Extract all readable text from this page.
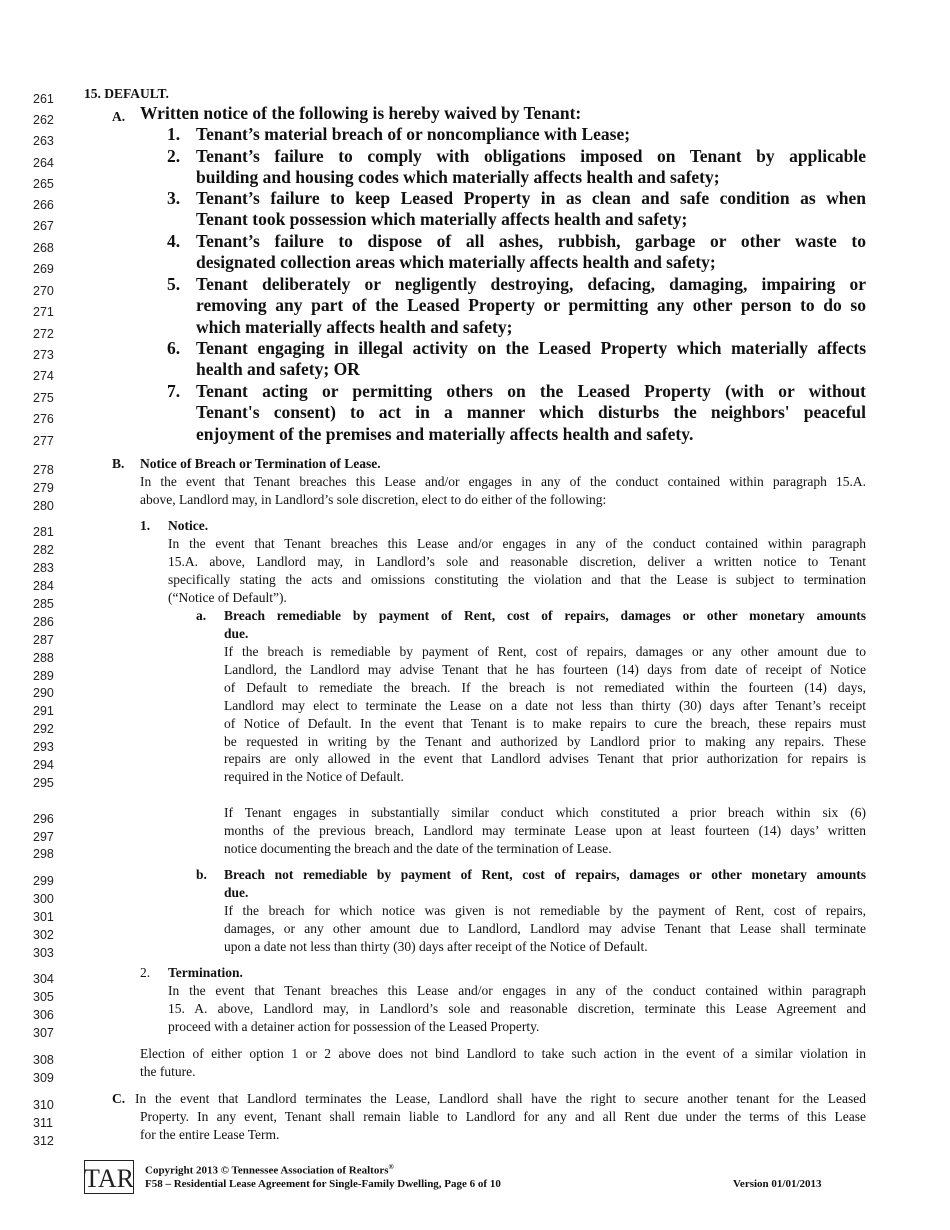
261
262
263
264
265
266
267
268
269
270
271
272
273
274
275
276
277
278
279
280
281
282
283
284
285
286
287
288
289
290
291
292
293
294
295
296
297
298
299
300
301
302
303
304
305
306
307
308
309
310
311
312
15. DEFAULT.
A. Written notice of the following is hereby waived by Tenant:
1. Tenant’s material breach of or noncompliance with Lease;
2. Tenant’s failure to comply with obligations imposed on Tenant by applicable
building and housing codes which materially affects health and safety;
3. Tenant’s failure to keep Leased Property in as clean and safe condition as when
Tenant took possession which materially affects health and safety;
4. Tenant’s failure to dispose of all ashes, rubbish, garbage or other waste to
designated collection areas which materially affects health and safety;
5. Tenant deliberately or negligently destroying, defacing, damaging, impairing or
removing any part of the Leased Property or permitting any other person to do so
which materially affects health and safety;
6. Tenant engaging in illegal activity on the Leased Property which materially affects
health and safety; OR
7. Tenant acting or permitting others on the Leased Property (with or without
Tenant's consent) to act in a manner which disturbs the neighbors' peaceful
enjoyment of the premises and materially affects health and safety.
B. Notice of Breach or Termination of Lease.
In the event that Tenant breaches this Lease and/or engages in any of the conduct contained within paragraph 15.A.
above, Landlord may, in Landlord’s sole discretion, elect to do either of the following:
1. Notice.
In the event that Tenant breaches this Lease and/or engages in any of the conduct contained within paragraph
15.A. above, Landlord may, in Landlord’s sole and reasonable discretion, deliver a written notice to Tenant
specifically stating the acts and omissions constituting the violation and that the Lease is subject to termination
(“Notice of Default”).
a. Breach remediable by payment of Rent, cost of repairs, damages or other monetary amounts
due.
If the breach is remediable by payment of Rent, cost of repairs, damages or any other amount due to
Landlord, the Landlord may advise Tenant that he has fourteen (14) days from date of receipt of Notice
of Default to remediate the breach. If the breach is not remediated within the fourteen (14) days,
Landlord may elect to terminate the Lease on a date not less than thirty (30) days after Tenant’s receipt
of Notice of Default. In the event that Tenant is to make repairs to cure the breach, these repairs must
be requested in writing by the Tenant and authorized by Landlord prior to making any repairs. These
repairs are only allowed in the event that Landlord advises Tenant that prior authorization for repairs is
required in the Notice of Default.
If Tenant engages in substantially similar conduct which constituted a prior breach within six (6)
months of the previous breach, Landlord may terminate Lease upon at least fourteen (14) days’ written
notice documenting the breach and the date of the termination of Lease.
b. Breach not remediable by payment of Rent, cost of repairs, damages or other monetary amounts
due.
If the breach for which notice was given is not remediable by the payment of Rent, cost of repairs,
damages, or any other amount due to Landlord, Landlord may advise Tenant that Lease shall terminate
upon a date not less than thirty (30) days after receipt of the Notice of Default.
2. Termination.
In the event that Tenant breaches this Lease and/or engages in any of the conduct contained within paragraph
15. A. above, Landlord may, in Landlord’s sole and reasonable discretion, terminate this Lease Agreement and
proceed with a detainer action for possession of the Leased Property.
Election of either option 1 or 2 above does not bind Landlord to take such action in the event of a similar violation in
the future.
C. In the event that Landlord terminates the Lease, Landlord shall have the right to secure another tenant for the Leased
Property. In any event, Tenant shall remain liable to Landlord for any and all Rent due under the terms of this Lease
for the entire Lease Term.
TAR Copyright 2013 © Tennessee Association of Realtors®
F58 – Residential Lease Agreement for Single-Family Dwelling, Page 6 of 10	Version 01/01/2013
